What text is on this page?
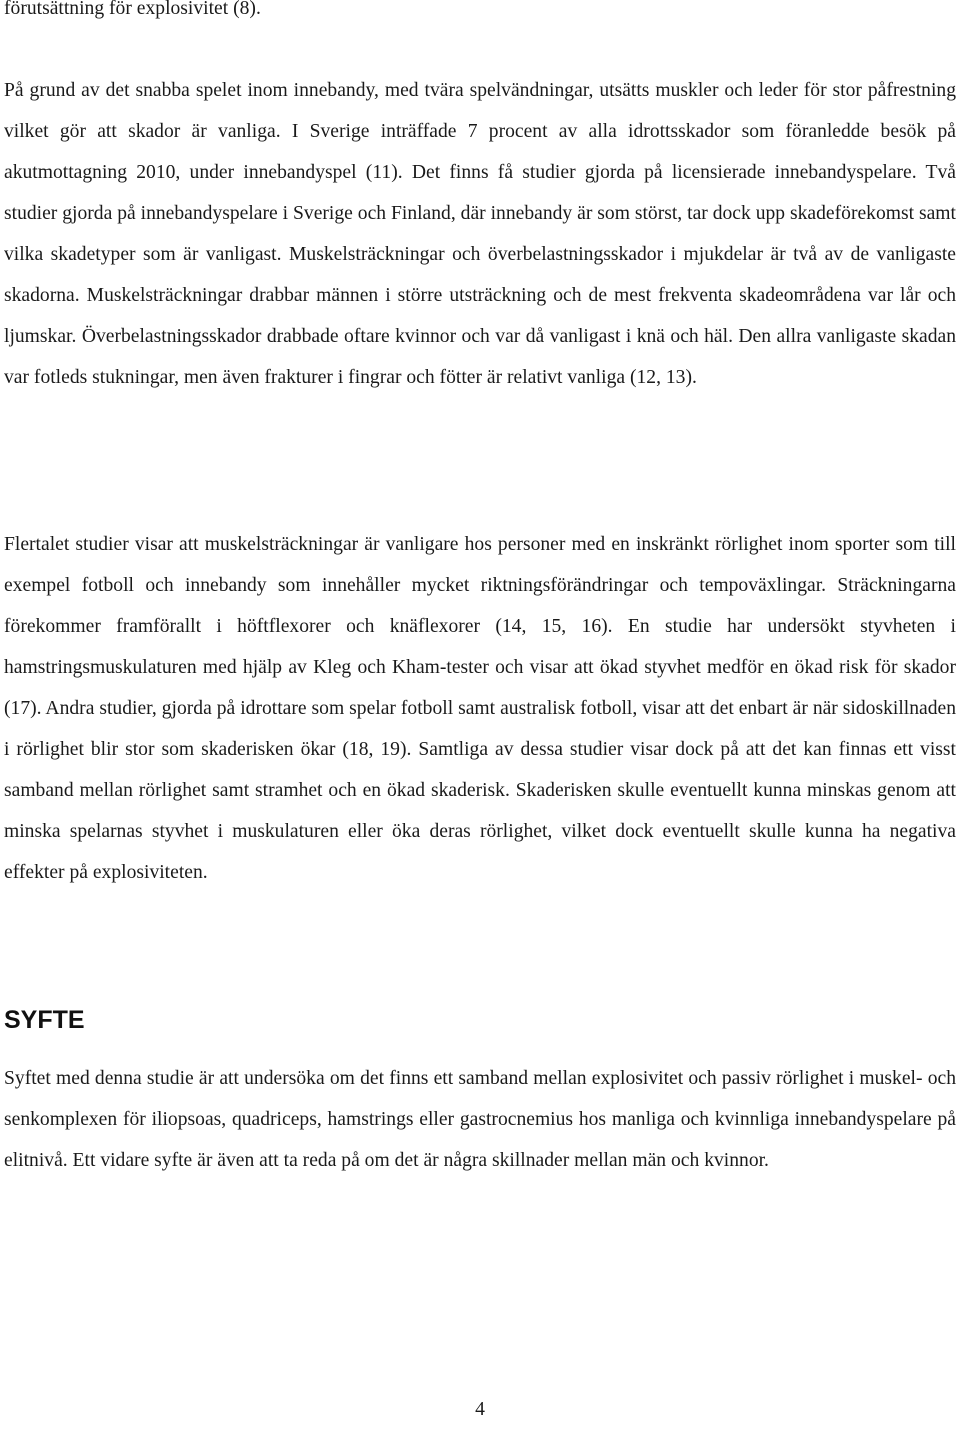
förutsättning för explosivitet (8).

På grund av det snabba spelet inom innebandy, med tvära spelvändningar, utsätts muskler och leder för stor påfrestning vilket gör att skador är vanliga. I Sverige inträffade 7 procent av alla idrottsskador som föranledde besök på akutmottagning 2010, under innebandyspel (11). Det finns få studier gjorda på licensierade innebandyspelare. Två studier gjorda på innebandyspelare i Sverige och Finland, där innebandy är som störst, tar dock upp skadeförekomst samt vilka skadetyper som är vanligast. Muskelsträckningar och överbelastningsskador i mjukdelar är två av de vanligaste skadorna. Muskelsträckningar drabbar männen i större utsträckning och de mest frekventa skadeområdena var lår och ljumskar. Överbelastningsskador drabbade oftare kvinnor och var då vanligast i knä och häl. Den allra vanligaste skadan var fotleds stukningar, men även frakturer i fingrar och fötter är relativt vanliga (12, 13).

Flertalet studier visar att muskelsträckningar är vanligare hos personer med en inskränkt rörlighet inom sporter som till exempel fotboll och innebandy som innehåller mycket riktningsförändringar och tempoväxlingar. Sträckningarna förekommer framförallt i höftflexorer och knäflexorer (14, 15, 16). En studie har undersökt styvheten i hamstringsmuskulaturen med hjälp av Kleg och Kham-tester och visar att ökad styvhet medför en ökad risk för skador (17). Andra studier, gjorda på idrottare som spelar fotboll samt australisk fotboll, visar att det enbart är när sidoskillnaden i rörlighet blir stor som skaderisken ökar (18, 19). Samtliga av dessa studier visar dock på att det kan finnas ett visst samband mellan rörlighet samt stramhet och en ökad skaderisk. Skaderisken skulle eventuellt kunna minskas genom att minska spelarnas styvhet i muskulaturen eller öka deras rörlighet, vilket dock eventuellt skulle kunna ha negativa effekter på explosiviteten.

SYFTE

Syftet med denna studie är att undersöka om det finns ett samband mellan explosivitet och passiv rörlighet i muskel- och senkomplexen för iliopsoas, quadriceps, hamstrings eller gastrocnemius hos manliga och kvinnliga innebandyspelare på elitnivå. Ett vidare syfte är även att ta reda på om det är några skillnader mellan män och kvinnor.

4
